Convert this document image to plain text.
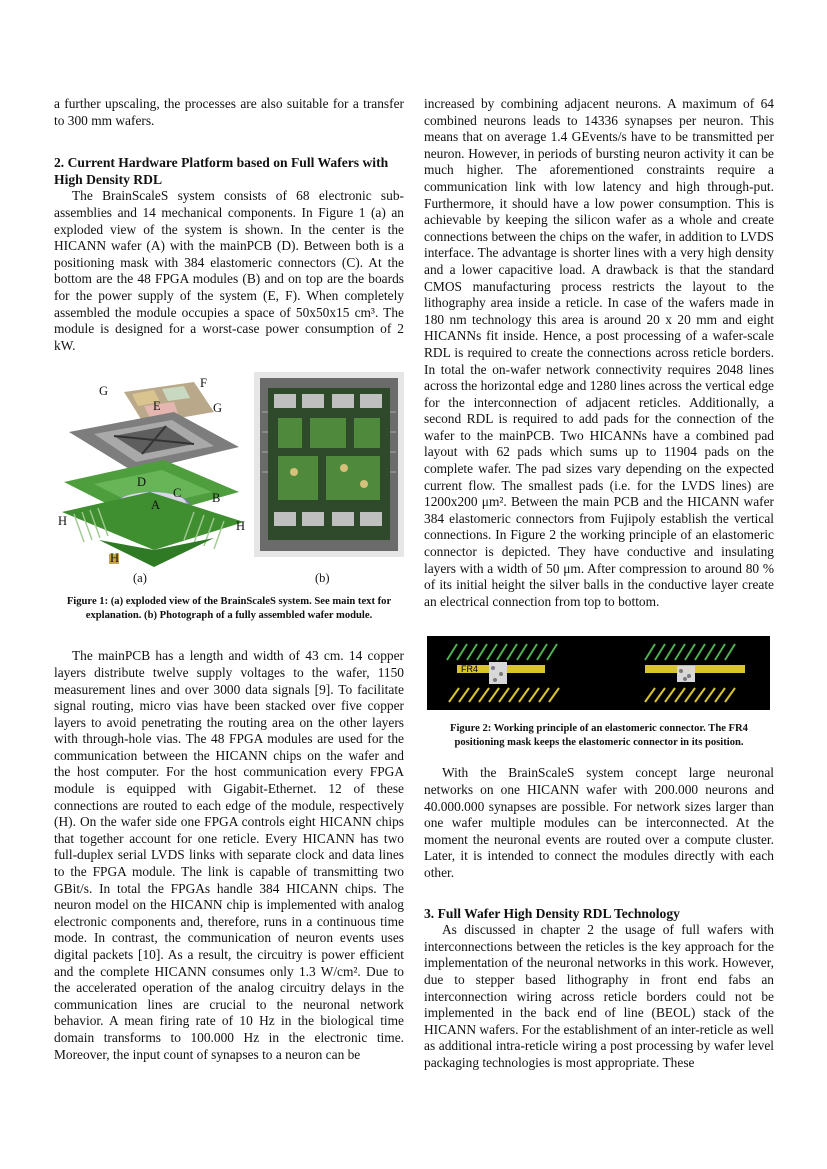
a further upscaling, the processes are also suitable for a transfer to 300 mm wafers.

2. Current Hardware Platform based on Full Wafers with High Density RDL

The BrainScaleS system consists of 68 electronic sub-assemblies and 14 mechanical components. In Figure 1 (a) an exploded view of the system is shown. In the center is the HICANN wafer (A) with the mainPCB (D). Between both is a positioning mask with 384 elastomeric connectors (C). At the bottom are the 48 FPGA modules (B) and on top are the boards for the power supply of the system (E, F). When completely assembled the module occupies a space of 50x50x15 cm³. The module is designed for a worst-case power consumption of 2 kW.

G
F
G
E
D
C B
A
H	H
H
(a)	(b)

Figure 1: (a) exploded view of the BrainScaleS system. See main text for explanation. (b) Photograph of a fully assembled wafer module.

The mainPCB has a length and width of 43 cm. 14 copper layers distribute twelve supply voltages to the wafer, 1150 measurement lines and over 3000 data signals [9]. To facilitate signal routing, micro vias have been stacked over five copper layers to avoid penetrating the routing area on the other layers with through-hole vias. The 48 FPGA modules are used for the communication between the HICANN chips on the wafer and the host computer. For the host communication every FPGA module is equipped with Gigabit-Ethernet. 12 of these connections are routed to each edge of the module, respectively (H). On the wafer side one FPGA controls eight HICANN chips that together account for one reticle. Every HICANN has two full-duplex serial LVDS links with separate clock and data lines to the FPGA module. The link is capable of transmitting two GBit/s. In total the FPGAs handle 384 HICANN chips. The neuron model on the HICANN chip is implemented with analog electronic components and, therefore, runs in a continuous time mode. In contrast, the communication of neuron events uses digital packets [10]. As a result, the circuitry is power efficient and the complete HICANN consumes only 1.3 W/cm². Due to the accelerated operation of the analog circuitry delays in the communication lines are crucial to the neuronal network behavior. A mean firing rate of 10 Hz in the biological time domain transforms to 100.000 Hz in the electronic time. Moreover, the input count of synapses to a neuron can be

increased by combining adjacent neurons. A maximum of 64 combined neurons leads to 14336 synapses per neuron. This means that on average 1.4 GEvents/s have to be transmitted per neuron. However, in periods of bursting neuron activity it can be much higher. The aforementioned constraints require a communication link with low latency and high through-put. Furthermore, it should have a low power consumption. This is achievable by keeping the silicon wafer as a whole and create connections between the chips on the wafer, in addition to LVDS interface. The advantage is shorter lines with a very high density and a lower capacitive load. A drawback is that the standard CMOS manufacturing process restricts the layout to the lithography area inside a reticle. In case of the wafers made in 180 nm technology this area is around 20 x 20 mm and eight HICANNs fit inside. Hence, a post processing of a wafer-scale RDL is required to create the connections across reticle borders. In total the on-wafer network connectivity requires 2048 lines across the horizontal edge and 1280 lines across the vertical edge for the interconnection of adjacent reticles. Additionally, a second RDL is required to add pads for the connection of the wafer to the mainPCB. Two HICANNs have a combined pad layout with 62 pads which sums up to 11904 pads on the complete wafer. The pad sizes vary depending on the expected current flow. The smallest pads (i.e. for the LVDS lines) are 1200x200 μm². Between the main PCB and the HICANN wafer 384 elastomeric connectors from Fujipoly establish the vertical connections. In Figure 2 the working principle of an elastomeric connector is depicted. They have conductive and insulating layers with a width of 50 μm. After compression to around 80 % of its initial height the silver balls in the conductive layer create an electrical connection from top to bottom.

FR4

Figure 2: Working principle of an elastomeric connector. The FR4 positioning mask keeps the elastomeric connector in its position.

With the BrainScaleS system concept large neuronal networks on one HICANN wafer with 200.000 neurons and 40.000.000 synapses are possible. For network sizes larger than one wafer multiple modules can be interconnected. At the moment the neuronal events are routed over a compute cluster. Later, it is intended to connect the modules directly with each other.

3. Full Wafer High Density RDL Technology

As discussed in chapter 2 the usage of full wafers with interconnections between the reticles is the key approach for the implementation of the neuronal networks in this work. However, due to stepper based lithography in front end fabs an interconnection wiring across reticle borders could not be implemented in the back end of line (BEOL) stack of the HICANN wafers. For the establishment of an inter-reticle as well as additional intra-reticle wiring a post processing by wafer level packaging technologies is most appropriate. These
